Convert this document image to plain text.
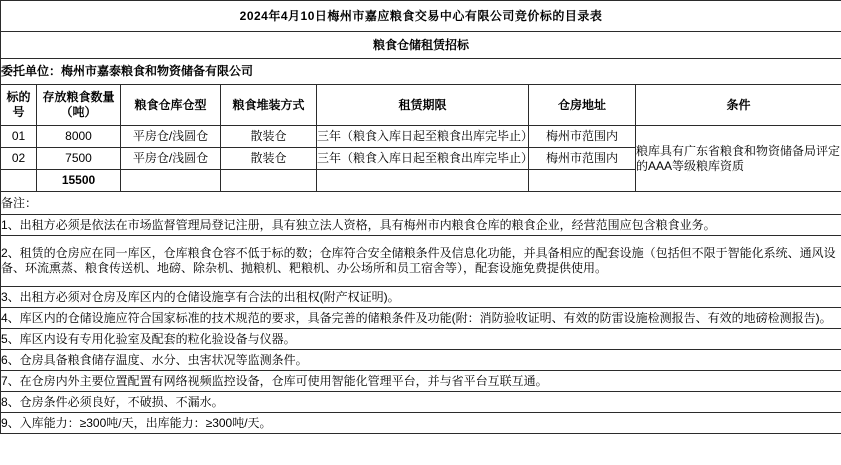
2024年4月10日梅州市嘉应粮食交易中心有限公司竞价标的目录表						
粮食仓储租赁招标						
委托单位：梅州市嘉泰粮食和物资储备有限公司						
标的号	存放粮食数量（吨）	粮食仓库仓型	粮食堆装方式	租赁期限	仓房地址	条件
01	8000	平房仓/浅圆仓	散装仓	三年（粮食入库日起至粮食出库完毕止）	梅州市范围内	粮库具有广东省粮食和物资储备局评定的AAA等级粮库资质
02	7500	平房仓/浅圆仓	散装仓	三年（粮食入库日起至粮食出库完毕止）	梅州市范围内	
	15500					
备注：						
1、出租方必须是依法在市场监督管理局登记注册，具有独立法人资格，具有梅州市内粮食仓库的粮食企业，经营范围应包含粮食业务。						
2、租赁的仓房应在同一库区，仓库粮食仓容不低于标的数；仓库符合安全储粮条件及信息化功能，并具备相应的配套设施（包括但不限于智能化系统、通风设备、环流熏蒸、粮食传送机、地磅、除杂机、抛粮机、粑粮机、办公场所和员工宿舍等），配套设施免费提供使用。						
3、出租方必须对仓房及库区内的仓储设施享有合法的出租权(附产权证明)。						
4、库区内的仓储设施应符合国家标准的技术规范的要求，具备完善的储粮条件及功能(附：消防验收证明、有效的防雷设施检测报告、有效的地磅检测报告)。						
5、库区内设有专用化验室及配套的粒化验设备与仪器。						
6、仓房具备粮食储存温度、水分、虫害状况等监测条件。						
7、在仓房内外主要位置配置有网络视频监控设备，仓库可使用智能化管理平台，并与省平台互联互通。						
8、仓房条件必须良好，不破损、不漏水。						
9、入库能力：≥300吨/天，出库能力：≥300吨/天。						
